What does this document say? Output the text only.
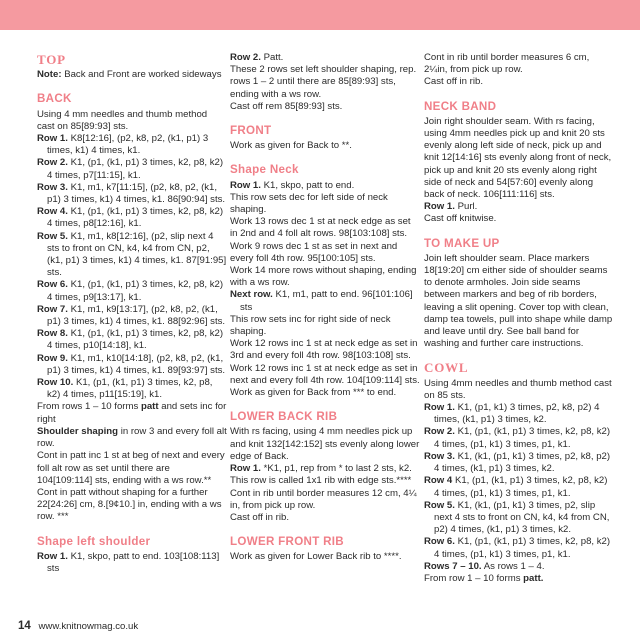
TOP

Note: Back and Front are worked sideways

BACK

Using 4 mm needles and thumb method cast on 85[89:93] sts.

Row 1. K8[12:16], (p2, k8, p2, (k1, p1) 3 times, k1) 4 times, k1.

Row 2. K1, (p1, (k1, p1) 3 times, k2, p8, k2) 4 times, p7[11:15], k1.

Row 3. K1, m1, k7[11:15], (p2, k8, p2, (k1, p1) 3 times, k1) 4 times, k1. 86[90:94] sts.

Row 4. K1, (p1, (k1, p1) 3 times, k2, p8, k2) 4 times, p8[12:16], k1.

Row 5. K1, m1, k8[12:16], (p2, slip next 4 sts to front on CN, k4, k4 from CN, p2, (k1, p1) 3 times, k1) 4 times, k1. 87[91:95] sts.

Row 6. K1, (p1, (k1, p1) 3 times, k2, p8, k2) 4 times, p9[13:17], k1.

Row 7. K1, m1, k9[13:17], (p2, k8, p2, (k1, p1) 3 times, k1) 4 times, k1. 88[92:96] sts.

Row 8. K1, (p1, (k1, p1) 3 times, k2, p8, k2) 4 times, p10[14:18], k1.

Row 9. K1, m1, k10[14:18], (p2, k8, p2, (k1, p1) 3 times, k1) 4 times, k1. 89[93:97] sts.

Row 10. K1, (p1, (k1, p1) 3 times, k2, p8, k2) 4 times, p11[15:19], k1.

From rows 1 – 10 forms patt and sets inc for right

Shoulder shaping in row 3 and every foll alt row.

Cont in patt inc 1 st at beg of next and every foll alt row as set until there are 104[109:114] sts, ending with a ws row.** Cont in patt without shaping for a further 22[24:26] cm, 8.[9¢10.] in, ending with a ws row. ***

Shape left shoulder

Row 1. K1, skpo, patt to end. 103[108:113] sts

Row 2. Patt.

These 2 rows set left shoulder shaping, rep. rows 1 – 2 until there are 85[89:93] sts, ending with a ws row.

Cast off rem 85[89:93] sts.

FRONT

Work as given for Back to **.

Shape Neck

Row 1. K1, skpo, patt to end.

This row sets dec for left side of neck shaping.

Work 13 rows dec 1 st at neck edge as set in 2nd and 4 foll alt rows. 98[103:108] sts.

Work 9 rows dec 1 st as set in next and every foll 4th row. 95[100:105] sts.

Work 14 more rows without shaping, ending with a ws row.

Next row. K1, m1, patt to end. 96[101:106] sts

This row sets inc for right side of neck shaping.

Work 12 rows inc 1 st at neck edge as set in 3rd and every foll 4th row. 98[103:108] sts.

Work 12 rows inc 1 st at neck edge as set in next and every foll 4th row. 104[109:114] sts.

Work as given for Back from *** to end.

LOWER BACK RIB

With rs facing, using 4 mm needles pick up and knit 132[142:152] sts evenly along lower edge of Back.

Row 1. *K1, p1, rep from * to last 2 sts, k2.

This row is called 1x1 rib with edge sts.**** Cont in rib until border measures 12 cm, 4¼ in, from pick up row.

Cast off in rib.

LOWER FRONT RIB

Work as given for Lower Back rib to ****.

Cont in rib until border measures 6 cm, 2¼in, from pick up row.

Cast off in rib.

NECK BAND

Join right shoulder seam. With rs facing, using 4mm needles pick up and knit 20 sts evenly along left side of neck, pick up and knit 12[14:16] sts evenly along front of neck, pick up and knit 20 sts evenly along right side of neck and 54[57:60] evenly along back of neck. 106[111:116] sts.

Row 1. Purl.

Cast off knitwise.

TO MAKE UP

Join left shoulder seam. Place markers 18[19:20] cm either side of shoulder seams to denote armholes. Join side seams between markers and beg of rib borders, leaving a slit opening. Cover top with clean, damp tea towels, pull into shape while damp and leave until dry. See ball band for washing and further care instructions.

COWL

Using 4mm needles and thumb method cast on 85 sts.

Row 1. K1, (p1, k1) 3 times, p2, k8, p2) 4 times, (k1, p1) 3 times, k2.

Row 2. K1, (p1, (k1, p1) 3 times, k2, p8, k2) 4 times, (p1, k1) 3 times, p1, k1.

Row 3. K1, (k1, (p1, k1) 3 times, p2, k8, p2) 4 times, (k1, p1) 3 times, k2.

Row 4 K1, (p1, (k1, p1) 3 times, k2, p8, k2) 4 times, (p1, k1) 3 times, p1, k1.

Row 5. K1, (k1, (p1, k1) 3 times, p2, slip next 4 sts to front on CN, k4, k4 from CN, p2) 4 times, (k1, p1) 3 times, k2.

Row 6. K1, (p1, (k1, p1) 3 times, k2, p8, k2) 4 times, (p1, k1) 3 times, p1, k1.

Rows 7 – 10. As rows 1 – 4.

From row 1 – 10 forms patt.

14 www.knitnowmag.co.uk
